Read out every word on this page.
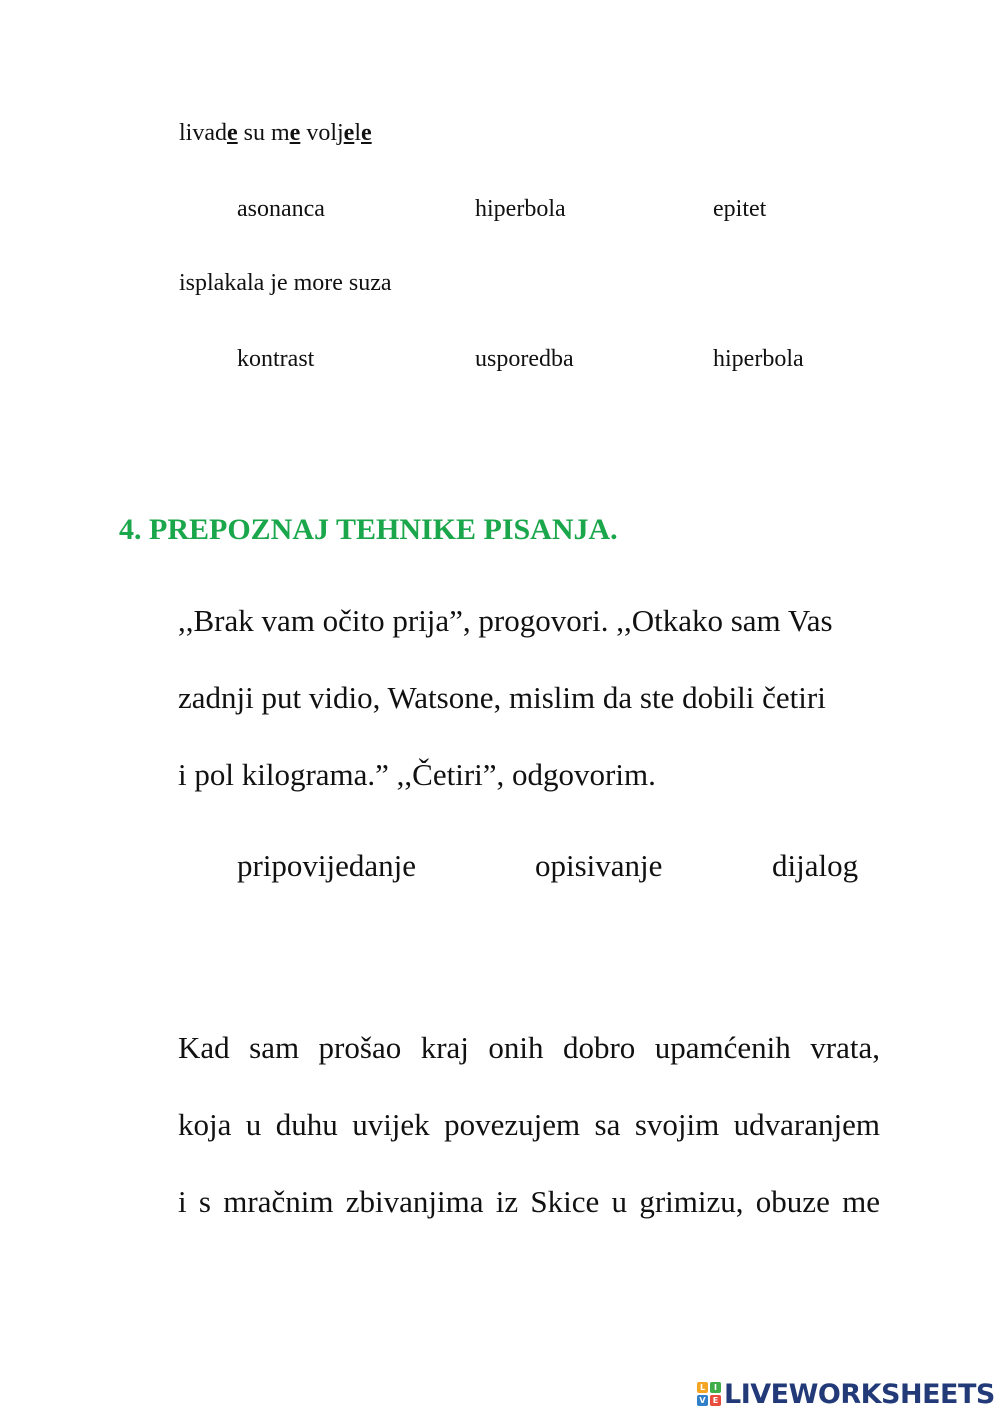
livade su me voljele
asonanca	hiperbola	epitet
isplakala je more suza
kontrast	usporedba	hiperbola
4. PREPOZNAJ TEHNIKE PISANJA.
,,Brak vam očito prija”, progovori. ,,Otkako sam Vas
zadnji put vidio, Watsone, mislim da ste dobili četiri
i pol kilograma.” ,,Četiri”, odgovorim.
pripovijedanje	opisivanje	dijalog
Kad sam prošao kraj onih dobro upamćenih vrata,
koja u duhu uvijek povezujem sa svojim udvaranjem
i s mračnim zbivanjima iz Skice u grimizu, obuze me
L	I
V E LIVEWORKSHEETS
